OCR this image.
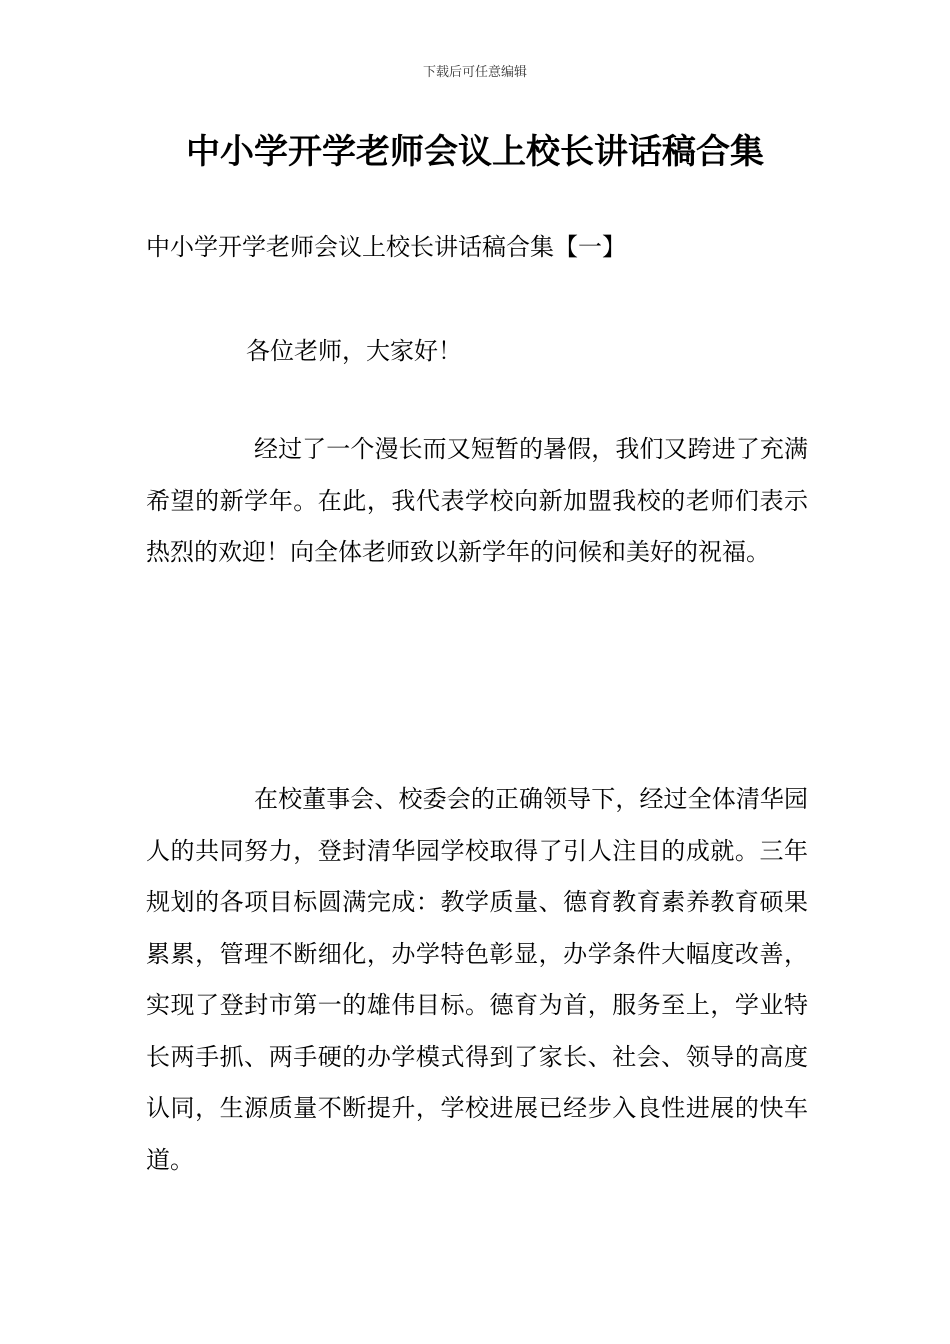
下载后可任意编辑
中小学开学老师会议上校长讲话稿合集
中小学开学老师会议上校长讲话稿合集【一】

各位老师，大家好！

经过了一个漫长而又短暂的暑假，我们又跨进了充满希望的新学年。在此，我代表学校向新加盟我校的老师们表示热烈的欢迎！向全体老师致以新学年的问候和美好的祝福。

在校董事会、校委会的正确领导下，经过全体清华园人的共同努力，登封清华园学校取得了引人注目的成就。三年规划的各项目标圆满完成：教学质量、德育教育素养教育硕果累累，管理不断细化，办学特色彰显，办学条件大幅度改善，实现了登封市第一的雄伟目标。德育为首，服务至上，学业特长两手抓、两手硬的办学模式得到了家长、社会、领导的高度认同，生源质量不断提升，学校进展已经步入良性进展的快车道。
